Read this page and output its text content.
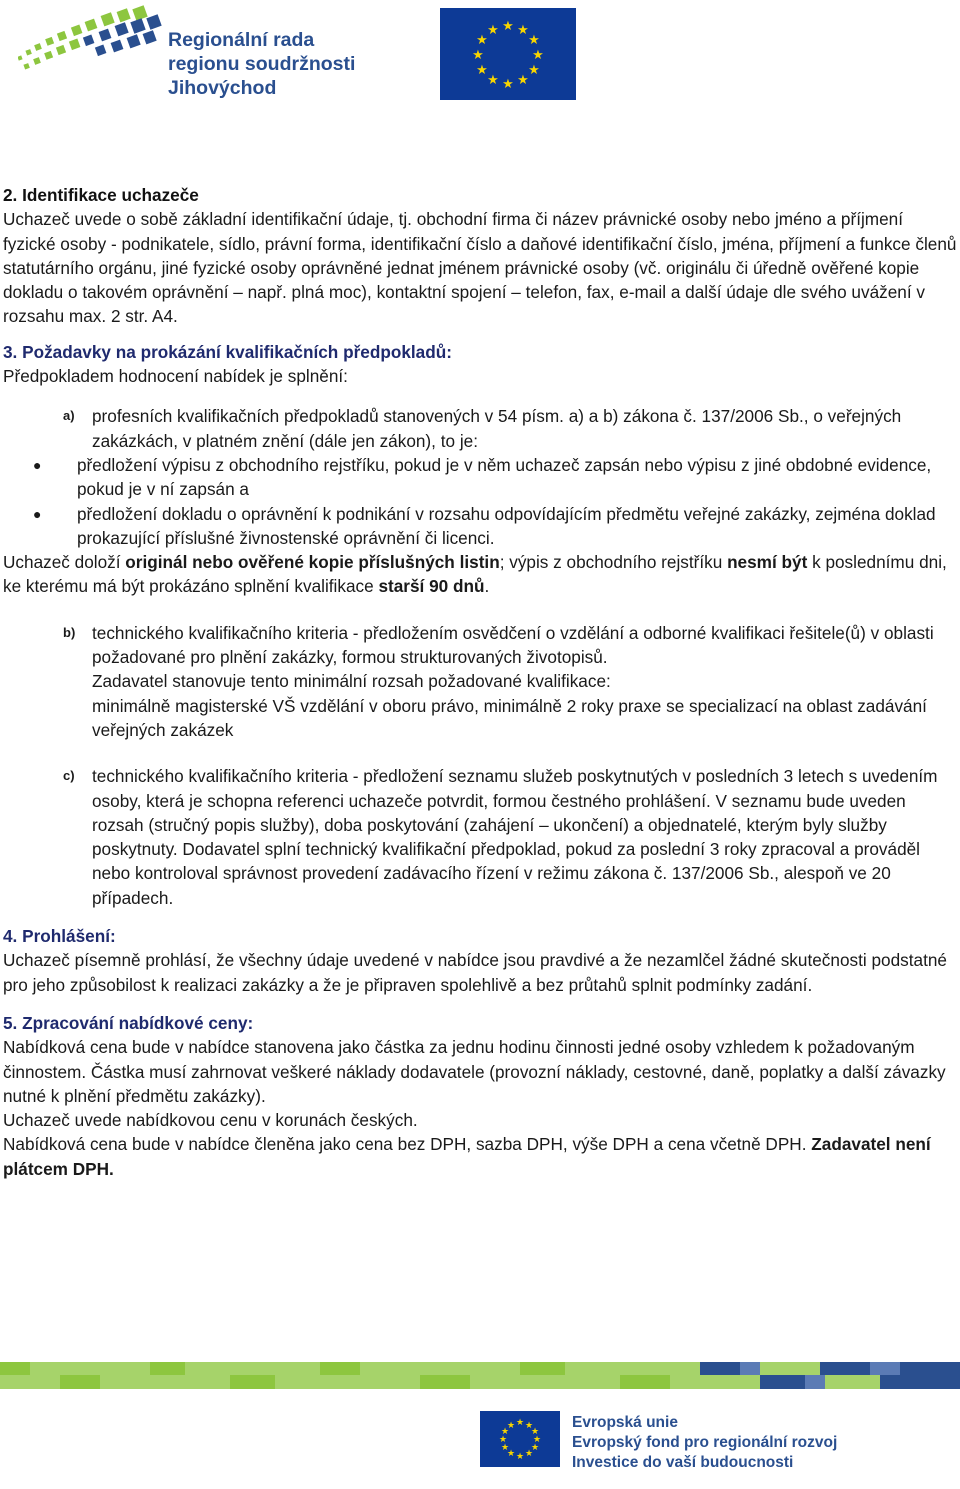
Regionální rada
regionu soudržnosti
Jihovýchod
★ ★
★
★
★
★
★
★
★
★
★
★
2. Identifikace uchazeče

Uchazeč uvede o sobě základní identifikační údaje, tj. obchodní firma či název právnické osoby nebo jméno a příjmení fyzické osoby - podnikatele, sídlo, právní forma, identifikační číslo a daňové identifikační číslo, jména, příjmení a funkce členů statutárního orgánu, jiné fyzické osoby oprávněné jednat jménem právnické osoby (vč. originálu či úředně ověřené kopie dokladu o takovém oprávnění – např. plná moc), kontaktní spojení – telefon, fax, e-mail a další údaje dle svého uvážení v rozsahu max. 2 str. A4.

3. Požadavky na prokázání kvalifikačních předpokladů:

Předpokladem hodnocení nabídek je splnění:

a)	profesních kvalifikačních předpokladů stanovených v 54 písm. a) a b) zákona č. 137/2006 Sb., o veřejných zakázkách, v platném znění (dále jen zákon), to je:
●	předložení výpisu z obchodního rejstříku, pokud je v něm uchazeč zapsán nebo výpisu z jiné obdobné evidence, pokud je v ní zapsán a
●	předložení dokladu o oprávnění k podnikání v rozsahu odpovídajícím předmětu veřejné zakázky, zejména doklad prokazující příslušné živnostenské oprávnění či licenci.

Uchazeč doloží originál nebo ověřené kopie příslušných listin; výpis z obchodního rejstříku nesmí být k poslednímu dni, ke kterému má být prokázáno splnění kvalifikace starší 90 dnů.

b) technického kvalifikačního kriteria - předložením osvědčení o vzdělání a odborné kvalifikaci řešitele(ů) v oblasti požadované pro plnění zakázky, formou strukturovaných životopisů.
Zadavatel stanovuje tento minimální rozsah požadované kvalifikace:
minimálně magisterské VŠ vzdělání v oboru právo, minimálně 2 roky praxe se specializací na oblast zadávání veřejných zakázek
c)	technického kvalifikačního kriteria - předložení seznamu služeb poskytnutých v posledních 3 letech s uvedením osoby, která je schopna referenci uchazeče potvrdit, formou čestného prohlášení. V seznamu bude uveden rozsah (stručný popis služby), doba poskytování (zahájení – ukončení) a objednatelé, kterým byly služby poskytnuty. Dodavatel splní technický kvalifikační předpoklad, pokud za poslední 3 roky zpracoval a prováděl nebo kontroloval správnost provedení zadávacího řízení v režimu zákona č. 137/2006 Sb., alespoň ve 20 případech.
4. Prohlášení:

Uchazeč písemně prohlásí, že všechny údaje uvedené v nabídce jsou pravdivé a že nezamlčel žádné skutečnosti podstatné pro jeho způsobilost k realizaci zakázky a že je připraven spolehlivě a bez průtahů splnit podmínky zadání.

5. Zpracování nabídkové ceny:

Nabídková cena bude v nabídce stanovena jako částka za jednu hodinu činnosti jedné osoby vzhledem k požadovaným činnostem. Částka musí zahrnovat veškeré náklady dodavatele (provozní náklady, cestovné, daně, poplatky a další závazky nutné k plnění předmětu zakázky).

Uchazeč uvede nabídkovou cenu v korunách českých.

Nabídková cena bude v nabídce členěna jako cena bez DPH, sazba DPH, výše DPH a cena včetně DPH. Zadavatel není plátcem DPH.

★ ★
★
★
★
★
★
★
★
★
★
★	Evropská unie
Evropský fond pro regionální rozvoj
Investice do vaší budoucnosti
